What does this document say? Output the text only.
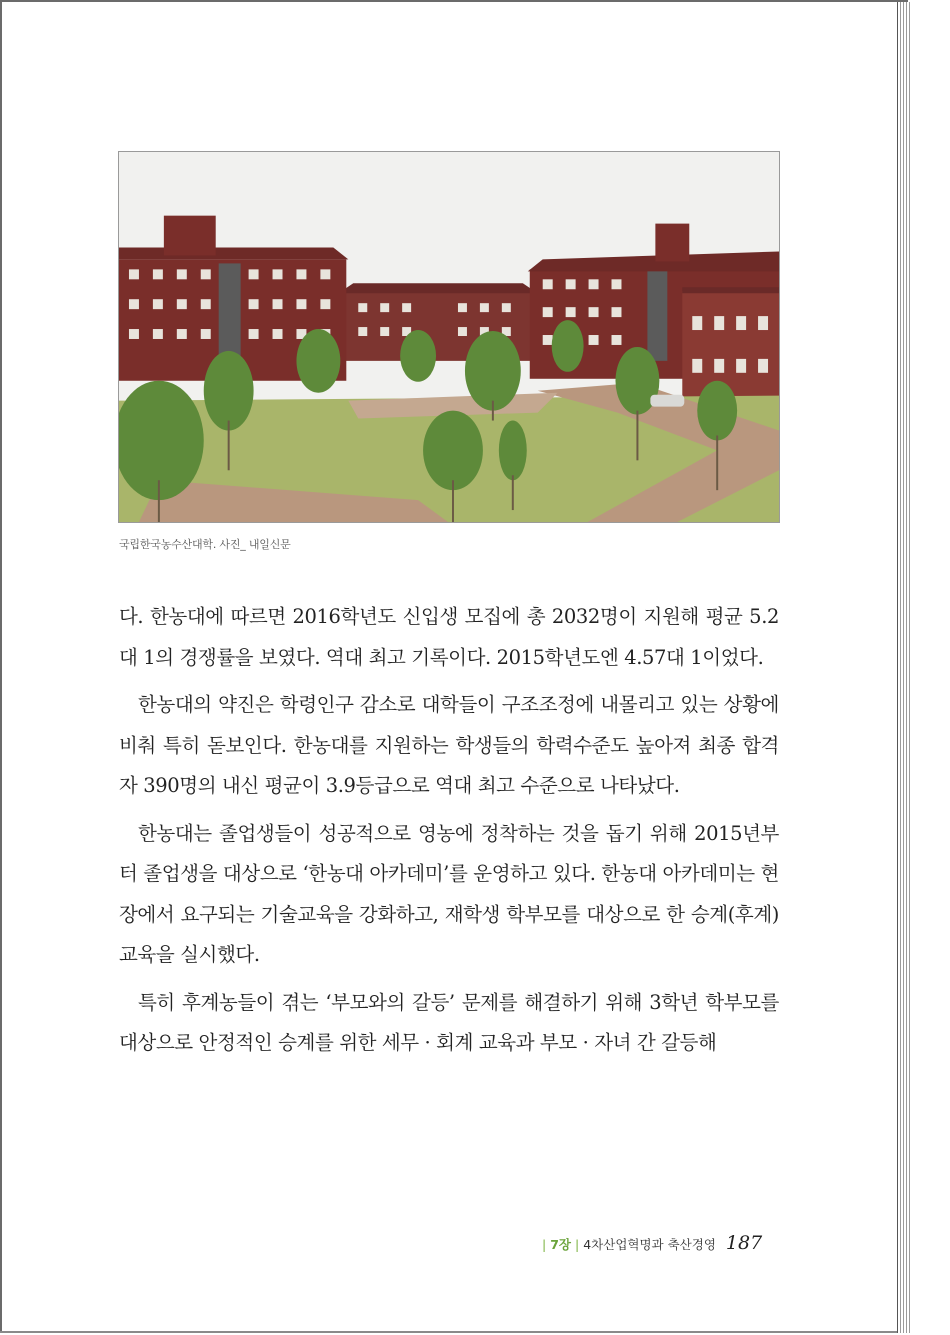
국립한국농수산대학. 사진_ 내일신문

다. 한농대에 따르면 2016학년도 신입생 모집에 총 2032명이 지원해 평균 5.2대 1의 경쟁률을 보였다. 역대 최고 기록이다. 2015학년도엔 4.57대 1이었다.

한농대의 약진은 학령인구 감소로 대학들이 구조조정에 내몰리고 있는 상황에 비춰 특히 돋보인다. 한농대를 지원하는 학생들의 학력수준도 높아져 최종 합격자 390명의 내신 평균이 3.9등급으로 역대 최고 수준으로 나타났다.

한농대는 졸업생들이 성공적으로 영농에 정착하는 것을 돕기 위해 2015년부터 졸업생을 대상으로 ‘한농대 아카데미’를 운영하고 있다. 한농대 아카데미는 현장에서 요구되는 기술교육을 강화하고, 재학생 학부모를 대상으로 한 승계(후계)교육을 실시했다.

특히 후계농들이 겪는 ‘부모와의 갈등’ 문제를 해결하기 위해 3학년 학부모를 대상으로 안정적인 승계를 위한 세무 · 회계 교육과 부모 · 자녀 간 갈등해

| 7장 | 4차산업혁명과 축산경영 187
